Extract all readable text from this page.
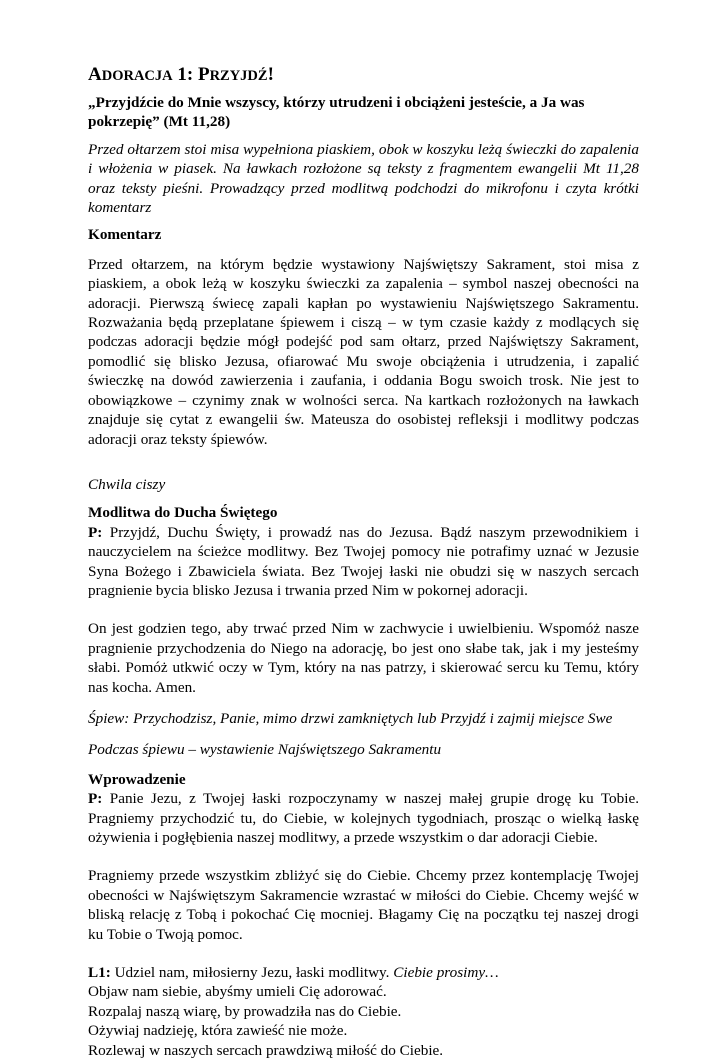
ADORACJA 1: PRZYJDŹ!

„Przyjdźcie do Mnie wszyscy, którzy utrudzeni i obciążeni jesteście, a Ja was pokrzepię” (Mt 11,28)

Przed ołtarzem stoi misa wypełniona piaskiem, obok w koszyku leżą świeczki do zapalenia i włożenia w piasek. Na ławkach rozłożone są teksty z fragmentem ewangelii Mt 11,28 oraz teksty pieśni. Prowadzący przed modlitwą podchodzi do mikrofonu i czyta krótki komentarz

Komentarz

Przed ołtarzem, na którym będzie wystawiony Najświętszy Sakrament, stoi misa z piaskiem, a obok leżą w koszyku świeczki za zapalenia – symbol naszej obecności na adoracji. Pierwszą świecę zapali kapłan po wystawieniu Najświętszego Sakramentu. Rozważania będą przeplatane śpiewem i ciszą – w tym czasie każdy z modlących się podczas adoracji będzie mógł podejść pod sam ołtarz, przed Najświętszy Sakrament, pomodlić się blisko Jezusa, ofiarować Mu swoje obciążenia i utrudzenia, i zapalić świeczkę na dowód zawierzenia i zaufania, i oddania Bogu swoich trosk. Nie jest to obowiązkowe – czynimy znak w wolności serca. Na kartkach rozłożonych na ławkach znajduje się cytat z ewangelii św. Mateusza do osobistej refleksji i modlitwy podczas adoracji oraz teksty śpiewów.

Chwila ciszy

Modlitwa do Ducha Świętego

P: Przyjdź, Duchu Święty, i prowadź nas do Jezusa. Bądź naszym przewodnikiem i nauczycielem na ścieżce modlitwy. Bez Twojej pomocy nie potrafimy uznać w Jezusie Syna Bożego i Zbawiciela świata. Bez Twojej łaski nie obudzi się w naszych sercach pragnienie bycia blisko Jezusa i trwania przed Nim w pokornej adoracji.

On jest godzien tego, aby trwać przed Nim w zachwycie i uwielbieniu. Wspomóż nasze pragnienie przychodzenia do Niego na adorację, bo jest ono słabe tak, jak i my jesteśmy słabi. Pomóż utkwić oczy w Tym, który na nas patrzy, i skierować sercu ku Temu, który nas kocha. Amen.

Śpiew: Przychodzisz, Panie, mimo drzwi zamkniętych lub Przyjdź i zajmij miejsce Swe

Podczas śpiewu – wystawienie Najświętszego Sakramentu

Wprowadzenie

P: Panie Jezu, z Twojej łaski rozpoczynamy w naszej małej grupie drogę ku Tobie. Pragniemy przychodzić tu, do Ciebie, w kolejnych tygodniach, prosząc o wielką łaskę ożywienia i pogłębienia naszej modlitwy, a przede wszystkim o dar adoracji Ciebie.

Pragniemy przede wszystkim zbliżyć się do Ciebie. Chcemy przez kontemplację Twojej obecności w Najświętszym Sakramencie wzrastać w miłości do Ciebie. Chcemy wejść w bliską relację z Tobą i pokochać Cię mocniej. Błagamy Cię na początku tej naszej drogi ku Tobie o Twoją pomoc.

L1: Udziel nam, miłosierny Jezu, łaski modlitwy. Ciebie prosimy…

Objaw nam siebie, abyśmy umieli Cię adorować.

Rozpalaj naszą wiarę, by prowadziła nas do Ciebie.

Ożywiaj nadzieję, która zawieść nie może.

Rozlewaj w naszych sercach prawdziwą miłość do Ciebie.
